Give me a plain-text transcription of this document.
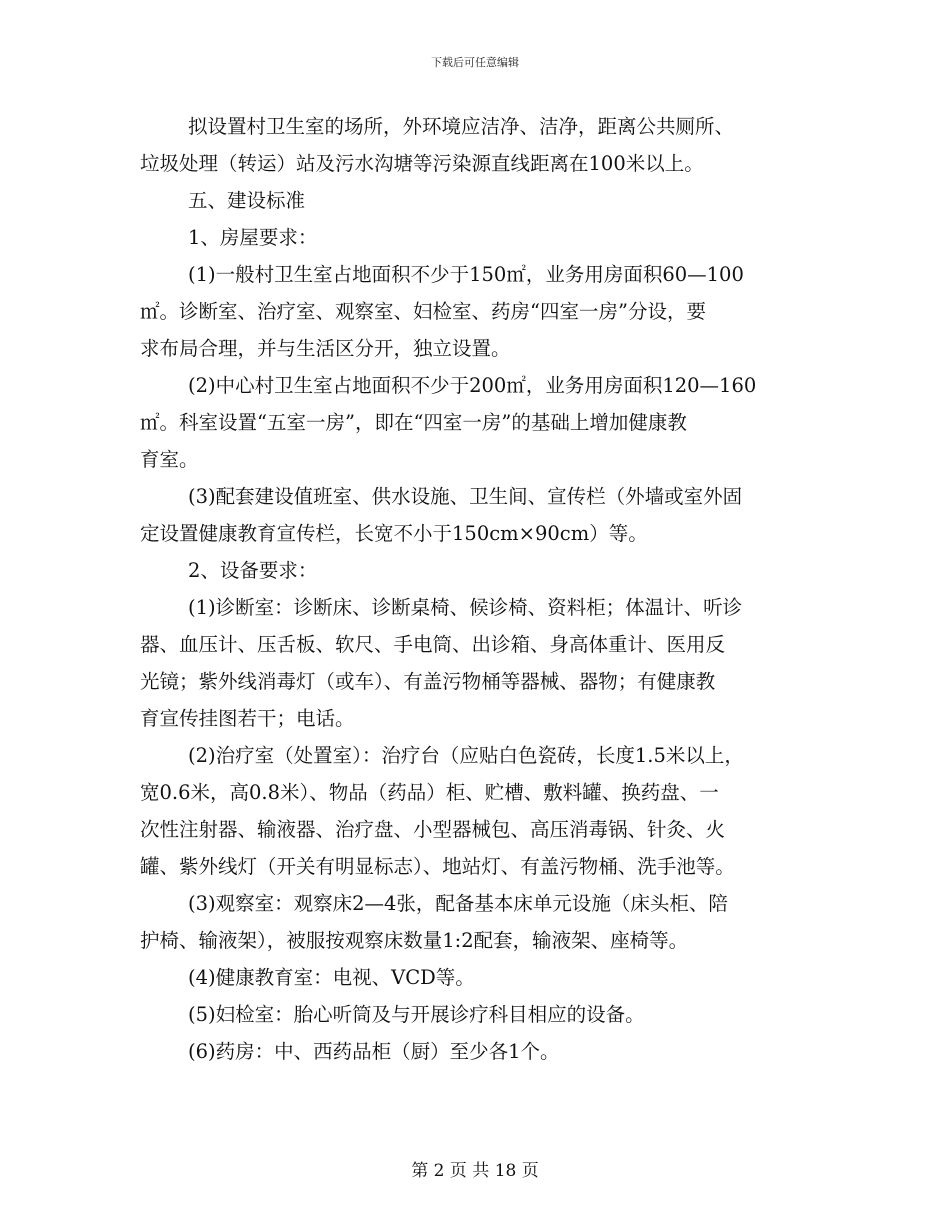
下载后可任意编辑
拟设置村卫生室的场所，外环境应洁净、洁净，距离公共厕所、
垃圾处理（转运）站及污水沟塘等污染源直线距离在100米以上。
五、建设标准
1、房屋要求：
(1)一般村卫生室占地面积不少于150㎡，业务用房面积60—100
㎡。诊断室、治疗室、观察室、妇检室、药房“四室一房”分设，要
求布局合理，并与生活区分开，独立设置。
(2)中心村卫生室占地面积不少于200㎡，业务用房面积120—160
㎡。科室设置“五室一房”，即在“四室一房”的基础上增加健康教
育室。
(3)配套建设值班室、供水设施、卫生间、宣传栏（外墙或室外固
定设置健康教育宣传栏，长宽不小于150cm×90cm）等。
2、设备要求：
(1)诊断室：诊断床、诊断桌椅、候诊椅、资料柜；体温计、听诊
器、血压计、压舌板、软尺、手电筒、出诊箱、身高体重计、医用反
光镜；紫外线消毒灯（或车）、有盖污物桶等器械、器物；有健康教
育宣传挂图若干；电话。
(2)治疗室（处置室）：治疗台（应贴白色瓷砖，长度1.5米以上，
宽0.6米，高0.8米）、物品（药品）柜、贮槽、敷料罐、换药盘、一
次性注射器、输液器、治疗盘、小型器械包、高压消毒锅、针灸、火
罐、紫外线灯（开关有明显标志）、地站灯、有盖污物桶、洗手池等。
(3)观察室：观察床2—4张，配备基本床单元设施（床头柜、陪
护椅、输液架），被服按观察床数量1:2配套，输液架、座椅等。
(4)健康教育室：电视、VCD等。
(5)妇检室：胎心听筒及与开展诊疗科目相应的设备。
(6)药房：中、西药品柜（厨）至少各1个。
第 2 页 共 18 页
